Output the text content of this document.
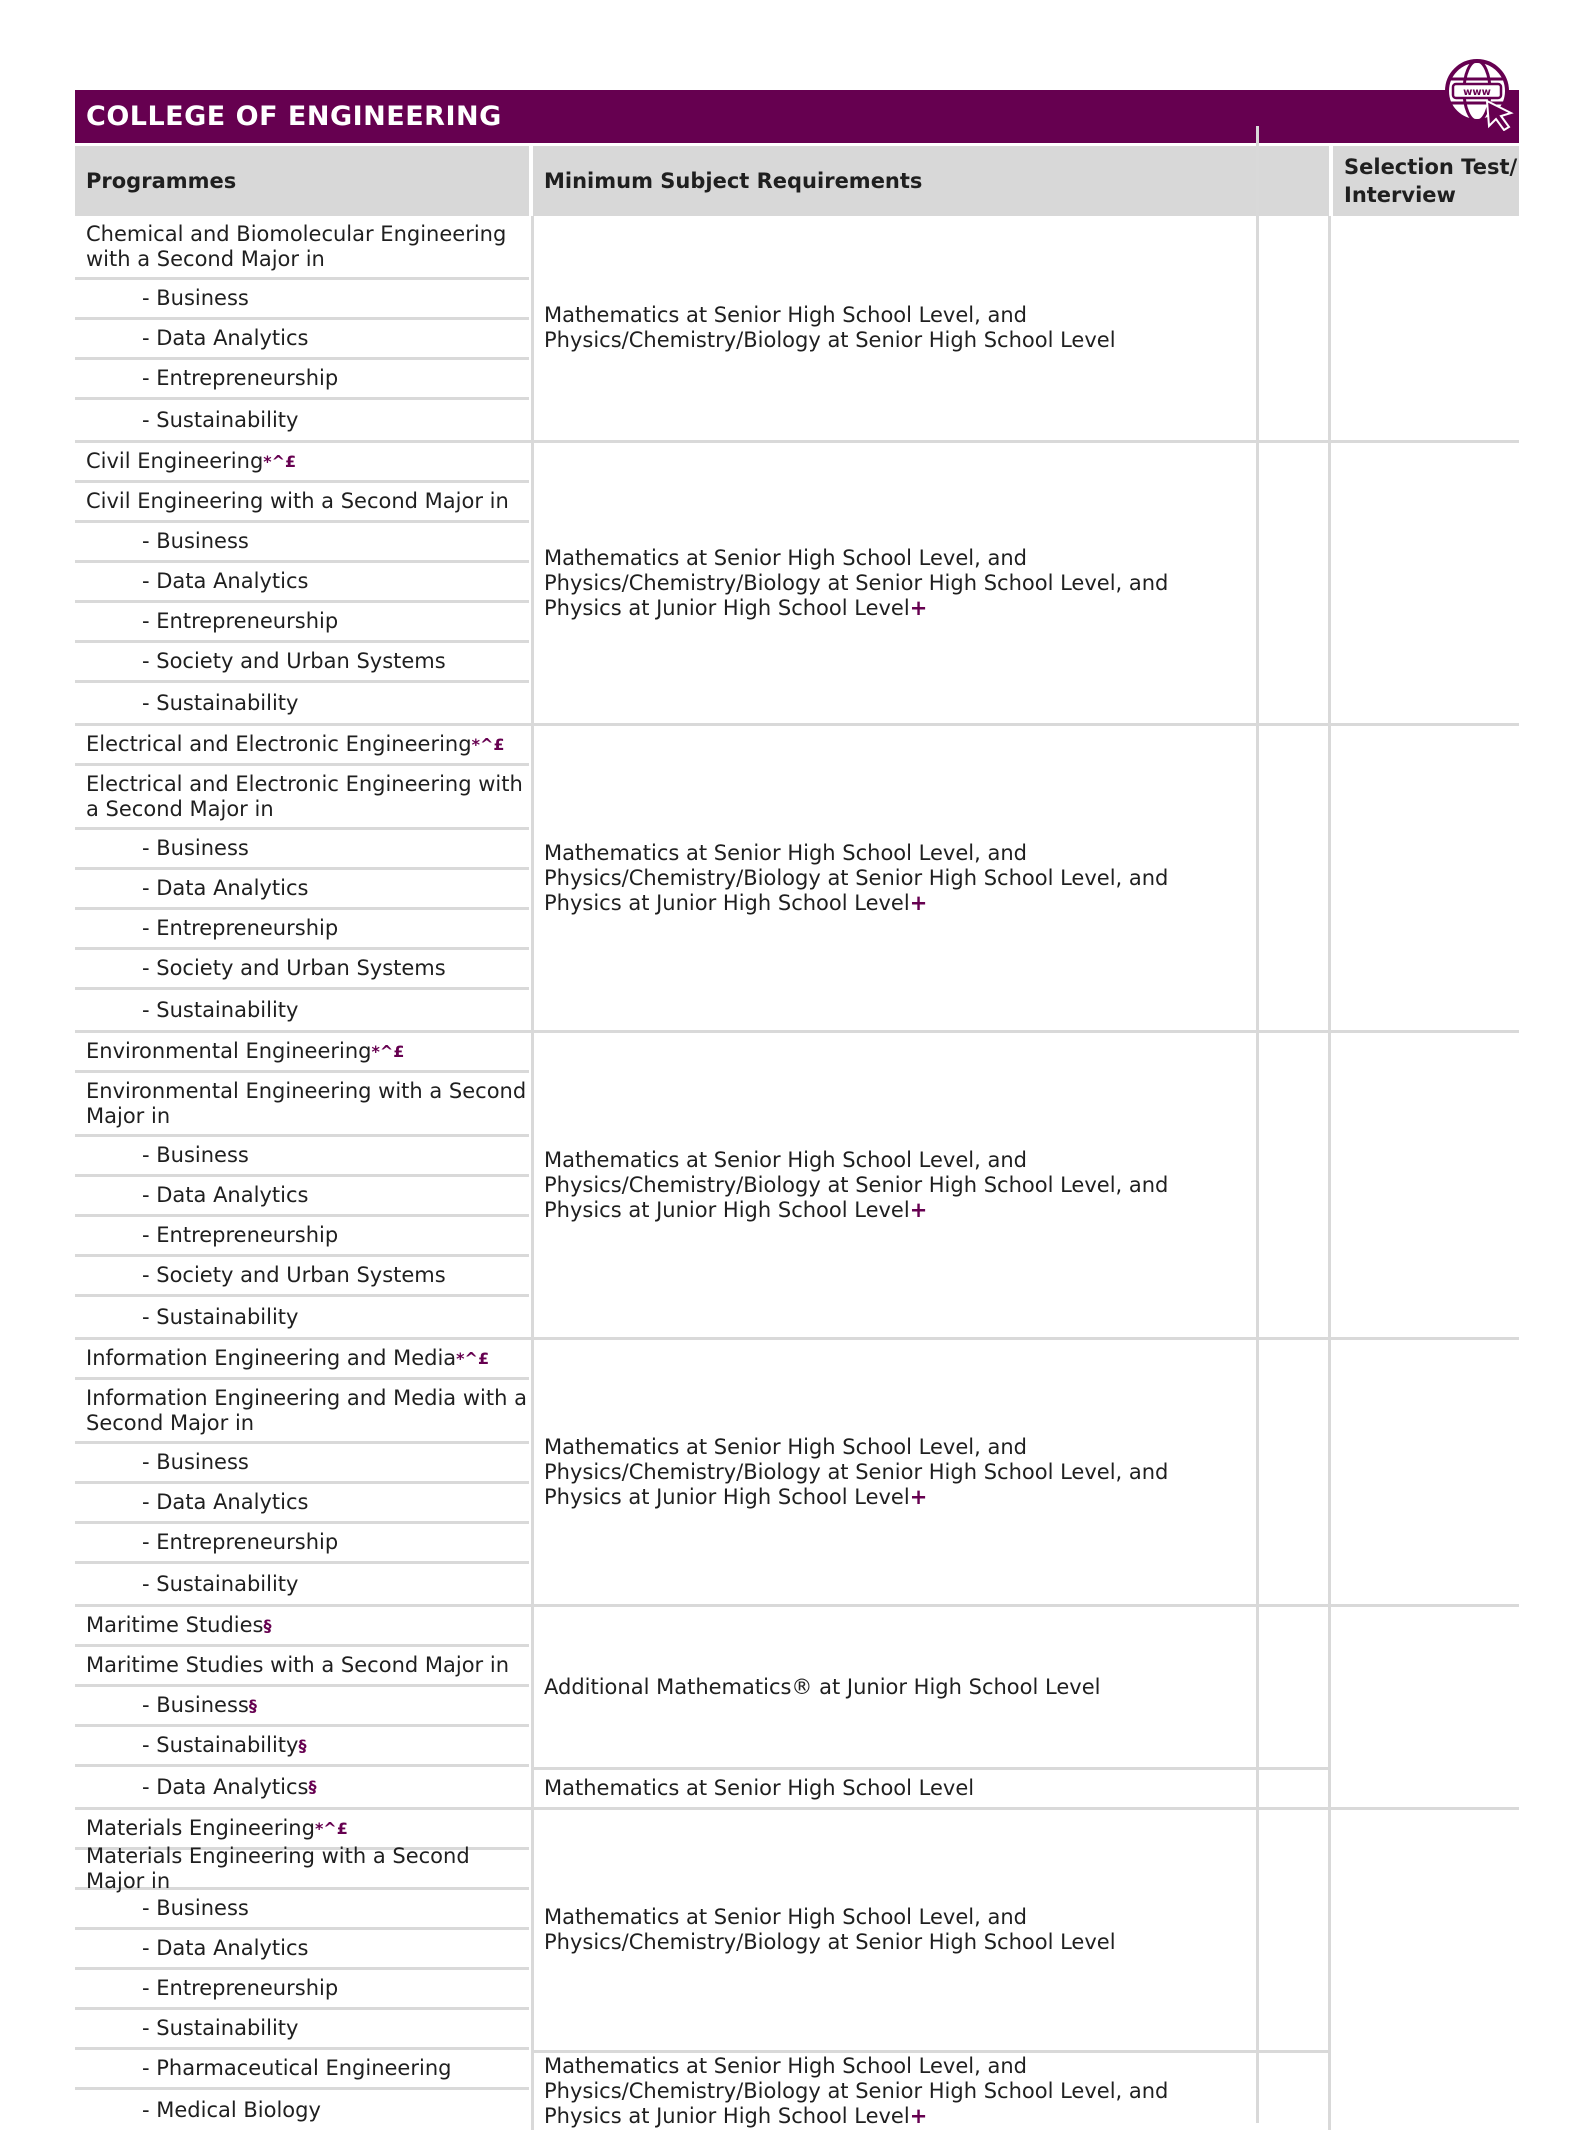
COLLEGE OF ENGINEERING
www
Programmes	Minimum Subject Requirements
Selection Test/
Interview
Chemical and Biomolecular Engineering with a Second Major in
- Business
- Data Analytics
- Entrepreneurship
- Sustainability
Mathematics at Senior High School Level, and
Physics/Chemistry/Biology at Senior High School Level
Civil Engineering *^£
Civil Engineering with a Second Major in
- Business
- Data Analytics
- Entrepreneurship
- Society and Urban Systems
- Sustainability
Mathematics at Senior High School Level, and
Physics/Chemistry/Biology at Senior High School Level, and
Physics at Junior High School Level+
Electrical and Electronic Engineering *^£
Electrical and Electronic Engineering with a Second Major in
- Business
- Data Analytics
- Entrepreneurship
- Society and Urban Systems
- Sustainability
Mathematics at Senior High School Level, and
Physics/Chemistry/Biology at Senior High School Level, and
Physics at Junior High School Level+
Environmental Engineering *^£
Environmental Engineering with a Second Major in
- Business
- Data Analytics
- Entrepreneurship
- Society and Urban Systems
- Sustainability
Mathematics at Senior High School Level, and
Physics/Chemistry/Biology at Senior High School Level, and
Physics at Junior High School Level+
Information Engineering and Media *^£
Information Engineering and Media with a Second Major in
- Business
- Data Analytics
- Entrepreneurship
- Sustainability
Mathematics at Senior High School Level, and
Physics/Chemistry/Biology at Senior High School Level, and
Physics at Junior High School Level+
Maritime Studies §
Maritime Studies with a Second Major in
- Business §
- Sustainability §
- Data Analytics §
Additional Mathematics® at Junior High School Level
Mathematics at Senior High School Level
Materials Engineering *^£
Materials Engineering with a Second Major in
- Business
- Data Analytics
- Entrepreneurship
- Sustainability
- Pharmaceutical Engineering
- Medical Biology
Mathematics at Senior High School Level, and
Physics/Chemistry/Biology at Senior High School Level
Mathematics at Senior High School Level, and
Physics/Chemistry/Biology at Senior High School Level, and
Physics at Junior High School Level+
